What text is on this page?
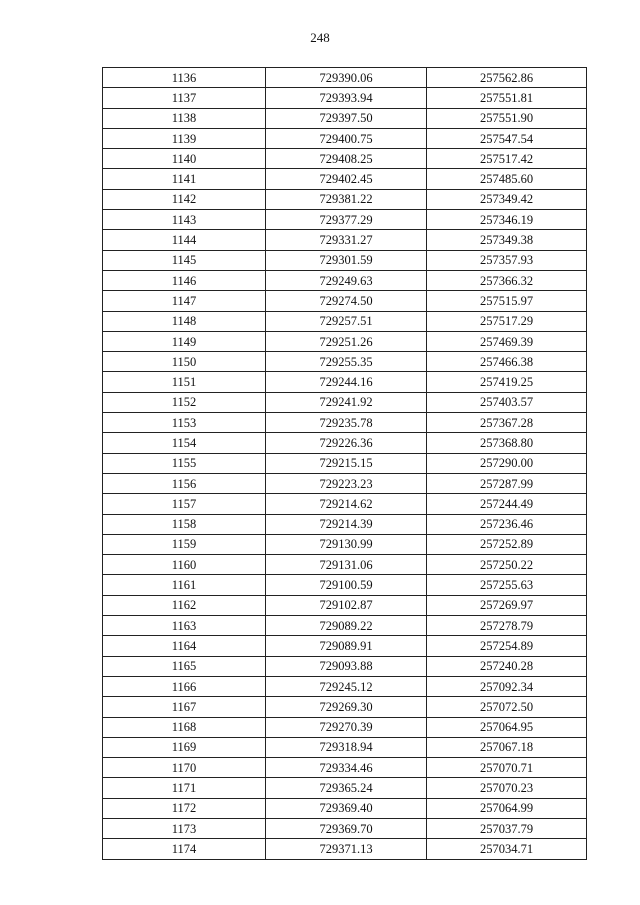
248
1136	729390.06	257562.86
1137	729393.94	257551.81
1138	729397.50	257551.90
1139	729400.75	257547.54
1140	729408.25	257517.42
1141	729402.45	257485.60
1142	729381.22	257349.42
1143	729377.29	257346.19
1144	729331.27	257349.38
1145	729301.59	257357.93
1146	729249.63	257366.32
1147	729274.50	257515.97
1148	729257.51	257517.29
1149	729251.26	257469.39
1150	729255.35	257466.38
1151	729244.16	257419.25
1152	729241.92	257403.57
1153	729235.78	257367.28
1154	729226.36	257368.80
1155	729215.15	257290.00
1156	729223.23	257287.99
1157	729214.62	257244.49
1158	729214.39	257236.46
1159	729130.99	257252.89
1160	729131.06	257250.22
1161	729100.59	257255.63
1162	729102.87	257269.97
1163	729089.22	257278.79
1164	729089.91	257254.89
1165	729093.88	257240.28
1166	729245.12	257092.34
1167	729269.30	257072.50
1168	729270.39	257064.95
1169	729318.94	257067.18
1170	729334.46	257070.71
1171	729365.24	257070.23
1172	729369.40	257064.99
1173	729369.70	257037.79
1174	729371.13	257034.71
